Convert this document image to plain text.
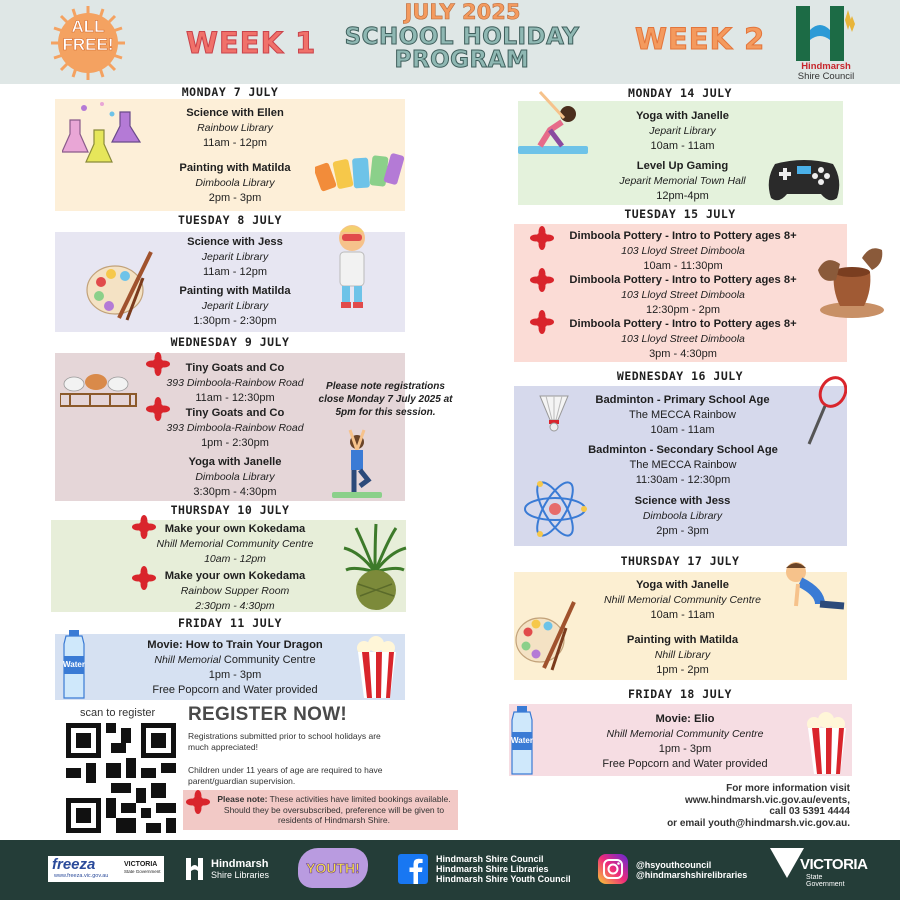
ALL
FREE!	WEEK 1
JULY 2025
SCHOOL HOLIDAY
PROGRAM
WEEK 2
Hindmarsh
Shire Council
MONDAY 7 JULY
Science with Ellen
Rainbow Library
11am - 12pm
Painting with Matilda
Dimboola Library
2pm - 3pm
TUESDAY 8 JULY
Science with Jess
Jeparit Library
11am - 12pm
Painting with Matilda
Jeparit Library
1:30pm - 2:30pm
WEDNESDAY 9 JULY
Tiny Goats and Co
393 Dimboola-Rainbow Road
11am - 12:30pm
Tiny Goats and Co
393 Dimboola-Rainbow Road
1pm - 2:30pm
Yoga with Janelle
Dimboola Library
3:30pm - 4:30pm
Please note registrations close Monday 7 July 2025 at 5pm for this session.
THURSDAY 10 JULY
Make your own Kokedama
Nhill Memorial Community Centre
10am - 12pm
Make your own Kokedama
Rainbow Supper Room
2:30pm - 4:30pm
FRIDAY 11 JULY
Water
Movie: How to Train Your Dragon
Nhill Memorial Community Centre
1pm - 3pm
Free Popcorn and Water provided
scan to register REGISTER NOW!
Registrations submitted prior to school holidays are much appreciated!
Children under 11 years of age are required to have parent/guardian supervision.
Please note: These activities have limited bookings available. Should they be oversubscribed, preference will be given to residents of Hindmarsh Shire.
MONDAY 14 JULY
Yoga with Janelle
Jeparit Library
10am - 11am
Level Up Gaming
Jeparit Memorial Town Hall
12pm-4pm
TUESDAY 15 JULY
Dimboola Pottery - Intro to Pottery ages 8+
103 Lloyd Street Dimboola
10am - 11:30pm
Dimboola Pottery - Intro to Pottery ages 8+
103 Lloyd Street Dimboola
12:30pm - 2pm
Dimboola Pottery - Intro to Pottery ages 8+
103 Lloyd Street Dimboola
3pm - 4:30pm
WEDNESDAY 16 JULY
Badminton - Primary School Age
The MECCA Rainbow
10am - 11am
Badminton - Secondary School Age
The MECCA Rainbow
11:30am - 12:30pm
Science with Jess
Dimboola Library
2pm - 3pm
THURSDAY 17 JULY
Yoga with Janelle
Nhill Memorial Community Centre
10am - 11am
Painting with Matilda
Nhill Library
1pm - 2pm
FRIDAY 18 JULY
Water
Movie: Elio
Nhill Memorial Community Centre
1pm - 3pm
Free Popcorn and Water provided
For more information visit
www.hindmarsh.vic.gov.au/events,
call 03 5391 4444
or email youth@hindmarsh.vic.gov.au.
freeza
www.freeza.vic.gov.au
VICTORIA
State Government
Hindmarsh
Shire Libraries	YOUTH!
Hindmarsh Shire Council
Hindmarsh Shire Libraries
Hindmarsh Shire Youth Council
@hsyouthcouncil
@hindmarshshirelibraries
VICTORIA
State
Government
